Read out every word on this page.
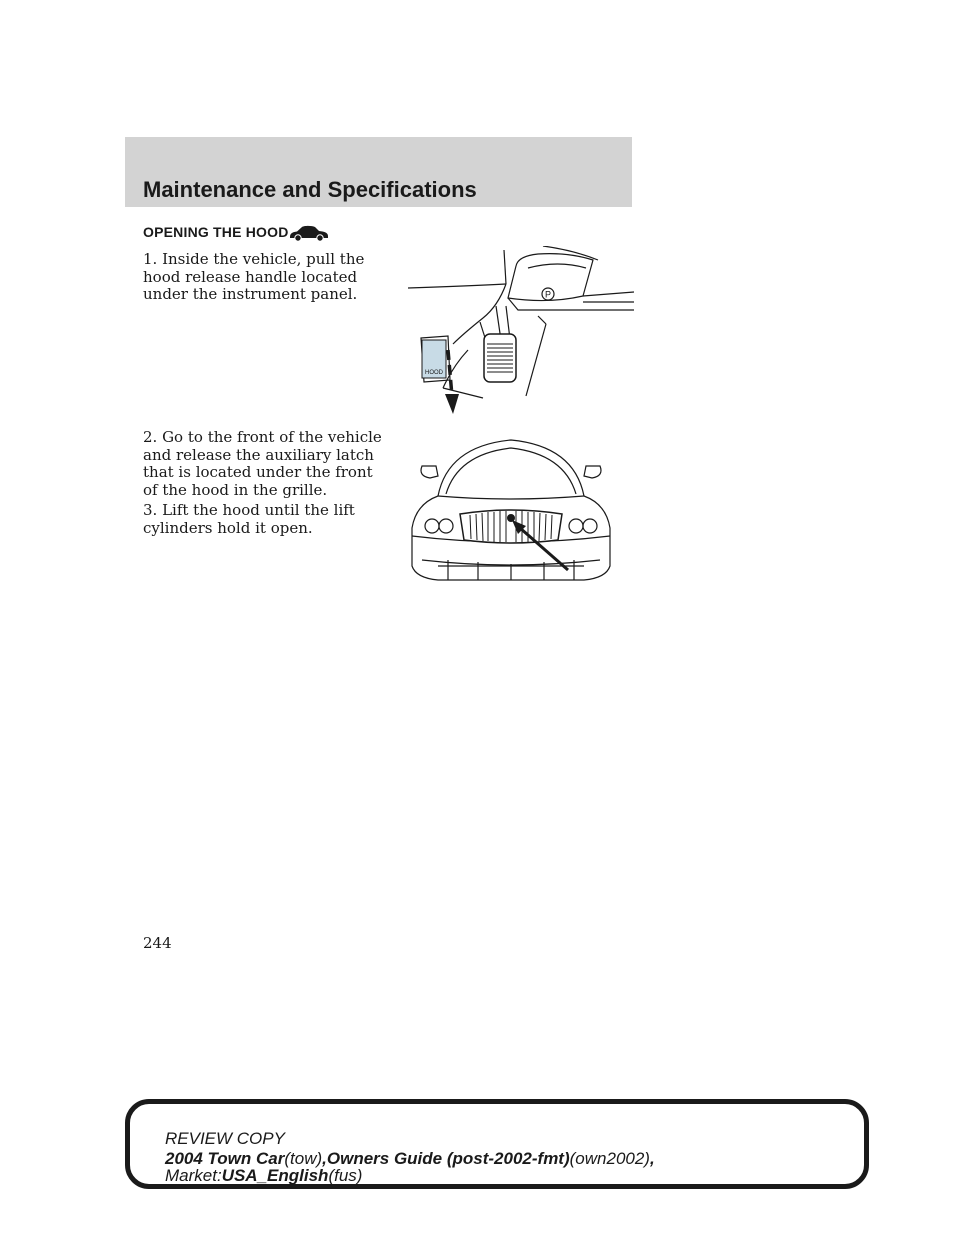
Maintenance and Specifications
OPENING THE HOOD

1. Inside the vehicle, pull the hood release handle located under the instrument panel.

2. Go to the front of the vehicle and release the auxiliary latch that is located under the front of the hood in the grille.

3. Lift the hood until the lift cylinders hold it open.

P
HOOD
244
REVIEW COPY
2004 Town Car(tow),Owners Guide (post-2002-fmt)(own2002),
Market:USA_English(fus)
